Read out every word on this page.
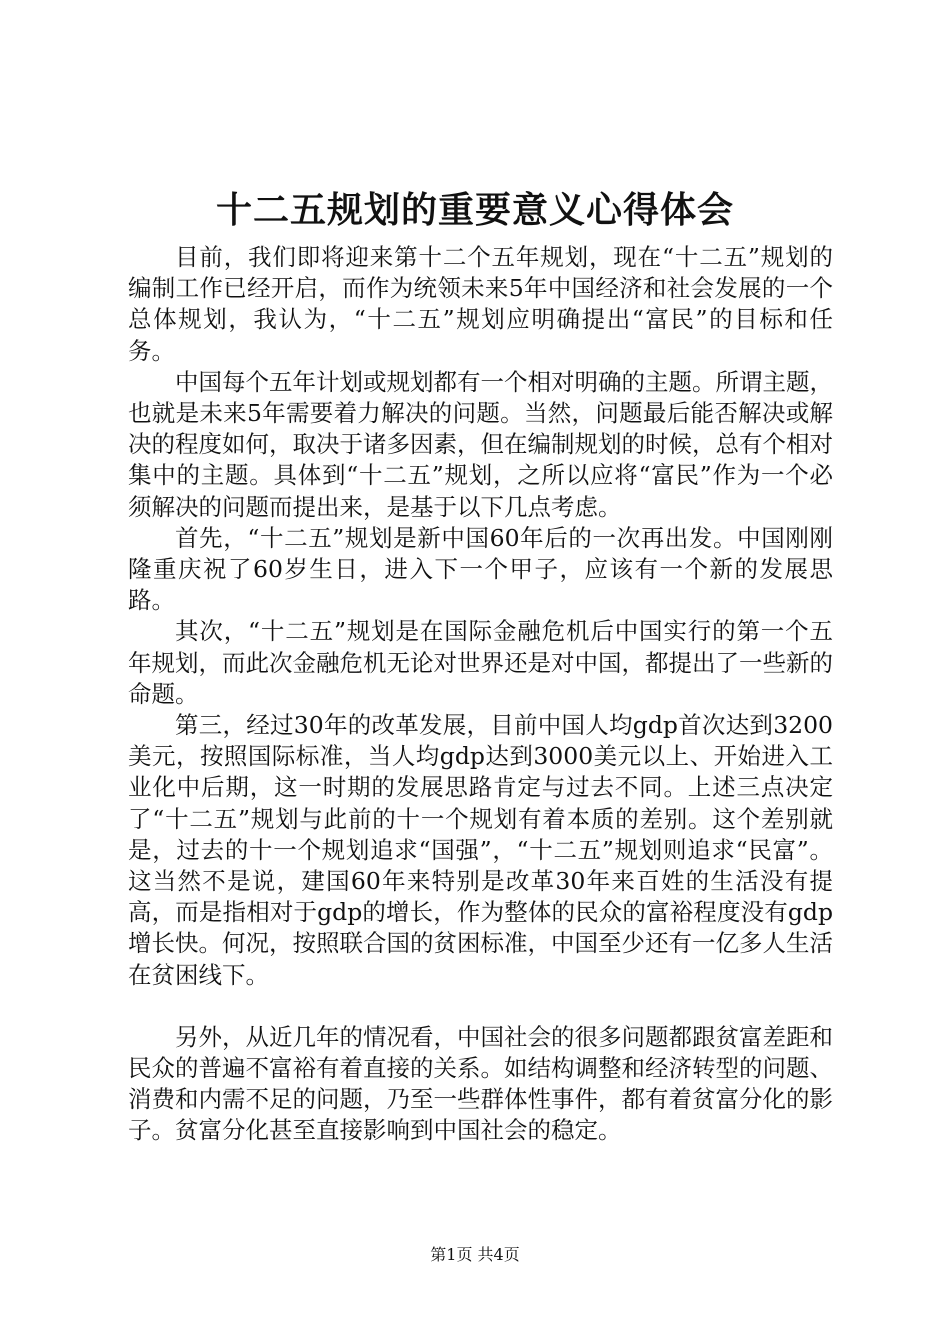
十二五规划的重要意义心得体会

目前，我们即将迎来第十二个五年规划，现在“十二五”规划的编制工作已经开启，而作为统领未来5年中国经济和社会发展的一个总体规划，我认为，“十二五”规划应明确提出“富民”的目标和任务。

中国每个五年计划或规划都有一个相对明确的主题。所谓主题，也就是未来5年需要着力解决的问题。当然，问题最后能否解决或解决的程度如何，取决于诸多因素，但在编制规划的时候，总有个相对集中的主题。具体到“十二五”规划，之所以应将“富民”作为一个必须解决的问题而提出来，是基于以下几点考虑。

首先，“十二五”规划是新中国60年后的一次再出发。中国刚刚隆重庆祝了60岁生日，进入下一个甲子，应该有一个新的发展思路。

其次，“十二五”规划是在国际金融危机后中国实行的第一个五年规划，而此次金融危机无论对世界还是对中国，都提出了一些新的命题。

第三，经过30年的改革发展，目前中国人均gdp首次达到3200美元，按照国际标准，当人均gdp达到3000美元以上、开始进入工业化中后期，这一时期的发展思路肯定与过去不同。上述三点决定了“十二五”规划与此前的十一个规划有着本质的差别。这个差别就是，过去的十一个规划追求“国强”，“十二五”规划则追求“民富”。这当然不是说，建国60年来特别是改革30年来百姓的生活没有提高，而是指相对于gdp的增长，作为整体的民众的富裕程度没有gdp增长快。何况，按照联合国的贫困标准，中国至少还有一亿多人生活在贫困线下。

另外，从近几年的情况看，中国社会的很多问题都跟贫富差距和民众的普遍不富裕有着直接的关系。如结构调整和经济转型的问题、消费和内需不足的问题，乃至一些群体性事件，都有着贫富分化的影子。贫富分化甚至直接影响到中国社会的稳定。

第1页 共4页
